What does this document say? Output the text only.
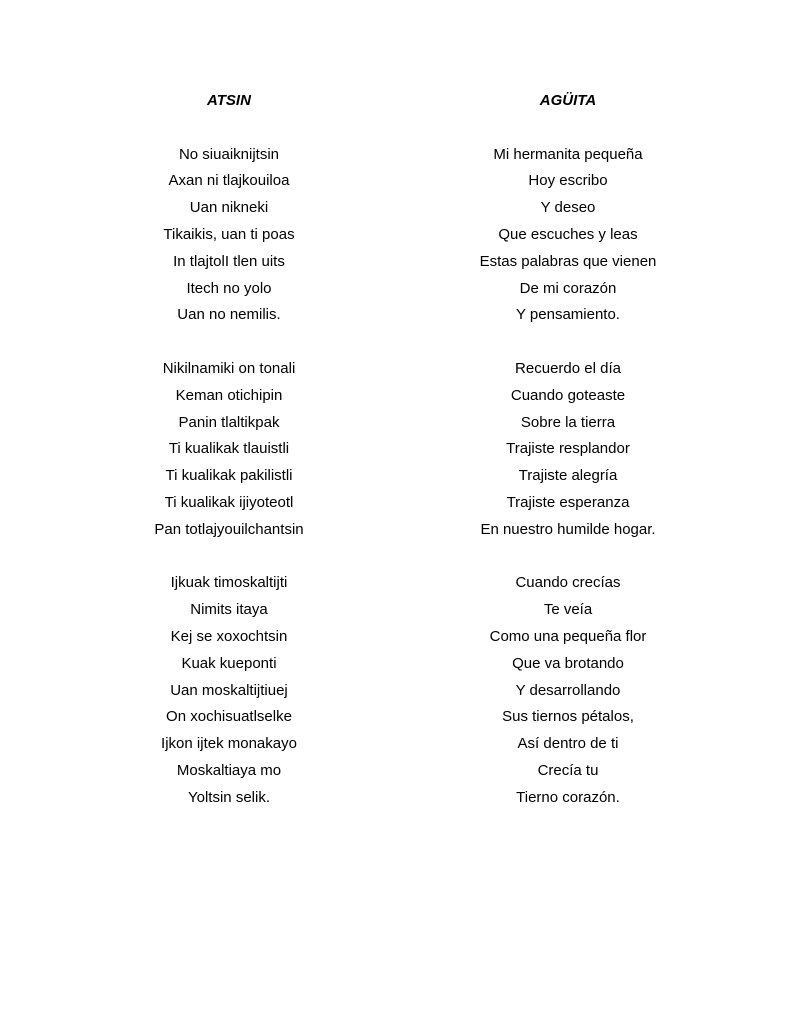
ATSIN

No siuaiknijtsin

Axan ni tlajkouiloa

Uan nikneki

Tikaikis, uan ti poas

In tlajtolI tlen uits

Itech no yolo

Uan no nemilis.

Nikilnamiki on tonali

Keman otichipin

Panin tlaltikpak

Ti kualikak tlauistli

Ti kualikak pakilistli

Ti kualikak ijiyoteotl

Pan totlajyouilchantsin

Ijkuak timoskaltijti

Nimits itaya

Kej se xoxochtsin

Kuak kueponti

Uan moskaltijtiuej

On xochisuatlselke

Ijkon ijtek monakayo

Moskaltiaya mo

Yoltsin selik.

AGÜITA

Mi hermanita pequeña

Hoy escribo

Y deseo

Que escuches y leas

Estas palabras que vienen

De mi corazón

Y pensamiento.

Recuerdo el día

Cuando goteaste

Sobre la tierra

Trajiste resplandor

Trajiste alegría

Trajiste esperanza

En nuestro humilde hogar.

Cuando crecías

Te veía

Como una pequeña flor

Que va brotando

Y desarrollando

Sus tiernos pétalos,

Así dentro de ti

Crecía tu

Tierno corazón.
